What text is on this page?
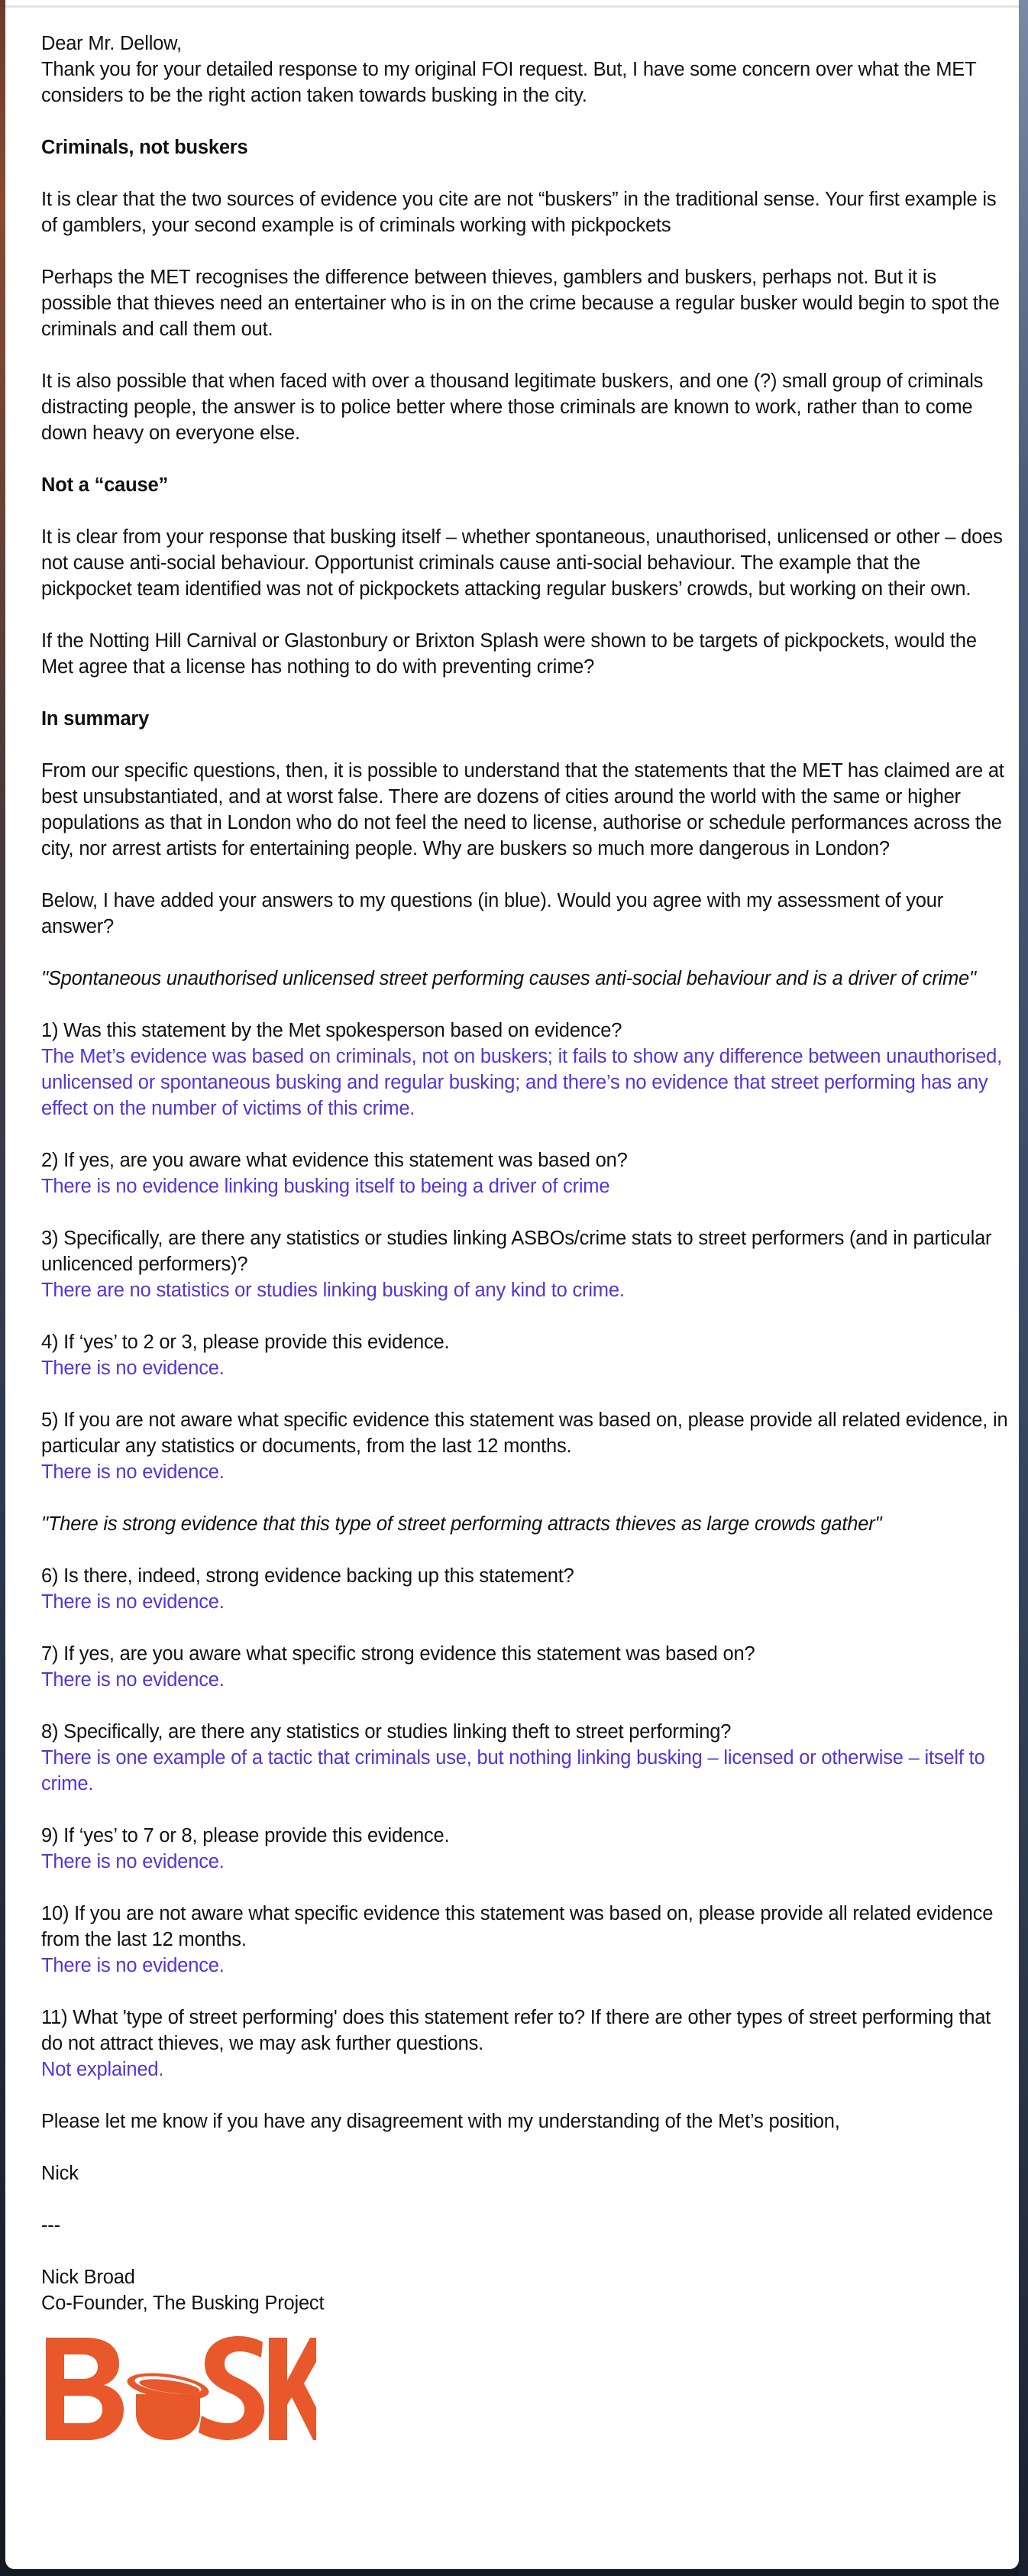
Dear Mr. Dellow,

Thank you for your detailed response to my original FOI request. But, I have some concern over what the MET considers to be the right action taken towards busking in the city.

Criminals, not buskers

It is clear that the two sources of evidence you cite are not “buskers” in the traditional sense. Your first example is of gamblers, your second example is of criminals working with pickpockets

Perhaps the MET recognises the difference between thieves, gamblers and buskers, perhaps not. But it is possible that thieves need an entertainer who is in on the crime because a regular busker would begin to spot the criminals and call them out.

It is also possible that when faced with over a thousand legitimate buskers, and one (?) small group of criminals distracting people, the answer is to police better where those criminals are known to work, rather than to come down heavy on everyone else.

Not a “cause”

It is clear from your response that busking itself – whether spontaneous, unauthorised, unlicensed or other – does not cause anti-social behaviour. Opportunist criminals cause anti-social behaviour. The example that the pickpocket team identified was not of pickpockets attacking regular buskers’ crowds, but working on their own.

If the Notting Hill Carnival or Glastonbury or Brixton Splash were shown to be targets of pickpockets, would the Met agree that a license has nothing to do with preventing crime?

In summary

From our specific questions, then, it is possible to understand that the statements that the MET has claimed are at best unsubstantiated, and at worst false. There are dozens of cities around the world with the same or higher populations as that in London who do not feel the need to license, authorise or schedule performances across the city, nor arrest artists for entertaining people. Why are buskers so much more dangerous in London?

Below, I have added your answers to my questions (in blue). Would you agree with my assessment of your answer?

"Spontaneous unauthorised unlicensed street performing causes anti-social behaviour and is a driver of crime"

1) Was this statement by the Met spokesperson based on evidence?
The Met’s evidence was based on criminals, not on buskers; it fails to show any difference between unauthorised, unlicensed or spontaneous busking and regular busking; and there’s no evidence that street performing has any effect on the number of victims of this crime.
2) If yes, are you aware what evidence this statement was based on?
There is no evidence linking busking itself to being a driver of crime
3) Specifically, are there any statistics or studies linking ASBOs/crime stats to street performers (and in particular unlicenced performers)?
There are no statistics or studies linking busking of any kind to crime.
4) If ‘yes’ to 2 or 3, please provide this evidence.
There is no evidence.
5) If you are not aware what specific evidence this statement was based on, please provide all related evidence, in particular any statistics or documents, from the last 12 months.
There is no evidence.

"There is strong evidence that this type of street performing attracts thieves as large crowds gather"

6) Is there, indeed, strong evidence backing up this statement?
There is no evidence.
7) If yes, are you aware what specific strong evidence this statement was based on?
There is no evidence.
8) Specifically, are there any statistics or studies linking theft to street performing?
There is one example of a tactic that criminals use, but nothing linking busking – licensed or otherwise – itself to crime.
9) If ‘yes’ to 7 or 8, please provide this evidence.
There is no evidence.
10) If you are not aware what specific evidence this statement was based on, please provide all related evidence from the last 12 months.
There is no evidence.
11) What 'type of street performing' does this statement refer to? If there are other types of street performing that do not attract thieves, we may ask further questions.
Not explained.

Please let me know if you have any disagreement with my understanding of the Met’s position,

Nick

---

Nick Broad

Co-Founder, The Busking Project
